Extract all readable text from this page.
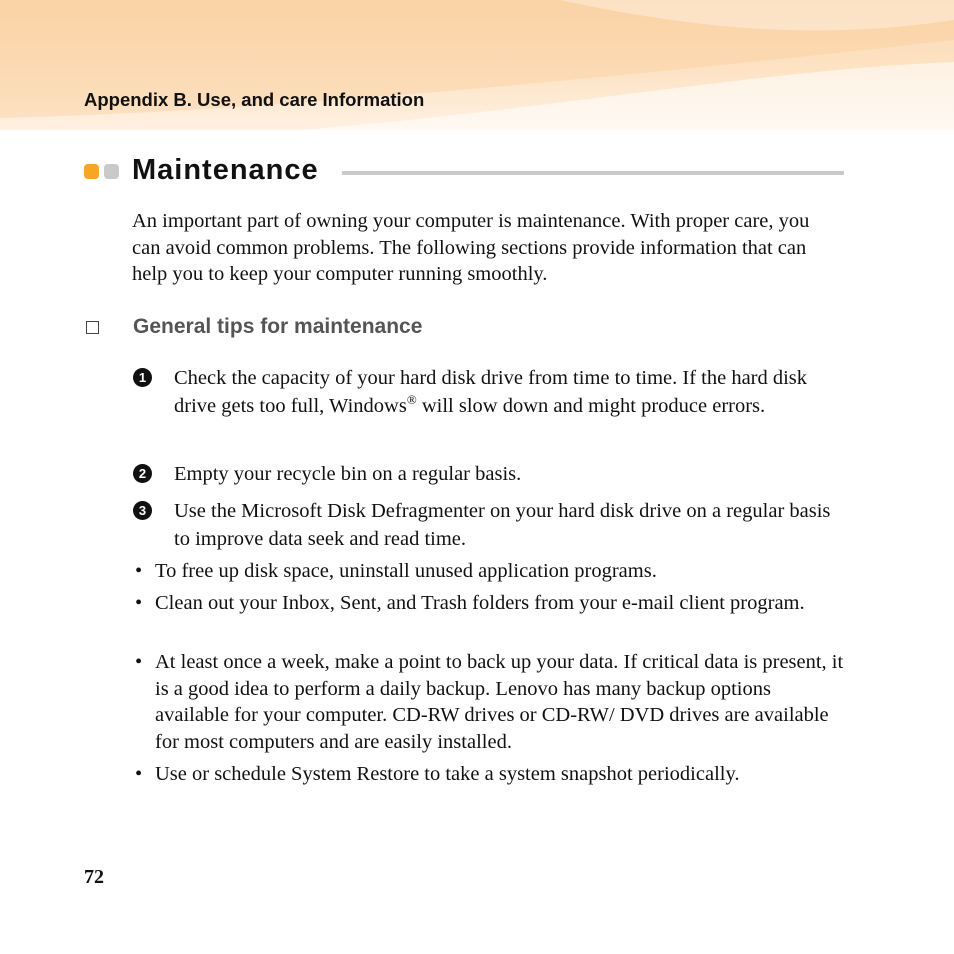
Appendix B. Use, and care Information
Maintenance
An important part of owning your computer is maintenance. With proper care, you can avoid common problems. The following sections provide information that can help you to keep your computer running smoothly.
General tips for maintenance
1 Check the capacity of your hard disk drive from time to time. If the hard disk drive gets too full, Windows® will slow down and might produce errors.
2 Empty your recycle bin on a regular basis.
3 Use the Microsoft Disk Defragmenter on your hard disk drive on a regular basis to improve data seek and read time.
• To free up disk space, uninstall unused application programs.
• Clean out your Inbox, Sent, and Trash folders from your e-mail client program.
• At least once a week, make a point to back up your data. If critical data is present, it is a good idea to perform a daily backup. Lenovo has many backup options available for your computer. CD-RW drives or CD-RW/ DVD drives are available for most computers and are easily installed.
• Use or schedule System Restore to take a system snapshot periodically.
72
